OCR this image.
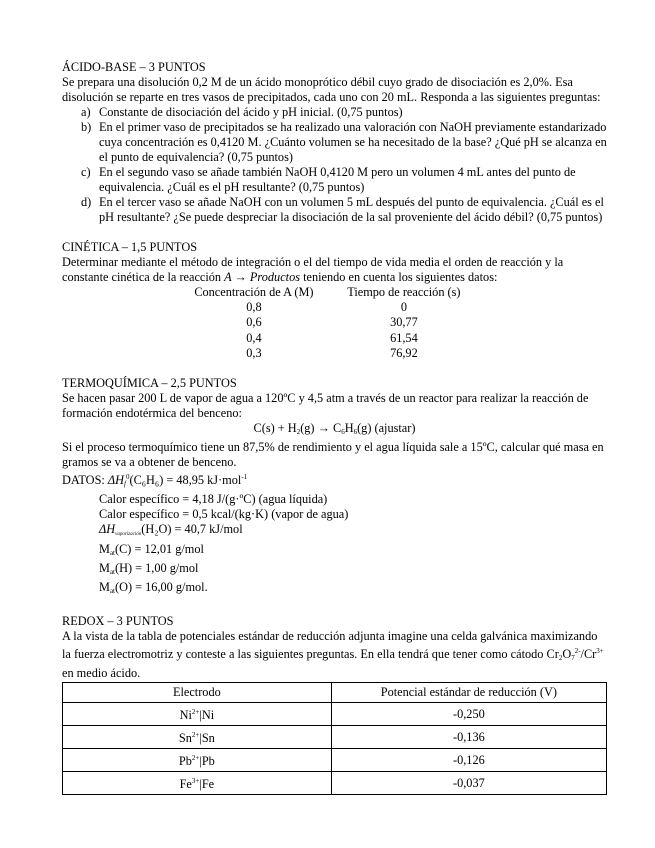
ÁCIDO-BASE – 3 PUNTOS

Se prepara una disolución 0,2 M de un ácido monoprótico débil cuyo grado de disociación es 2,0%. Esa disolución se reparte en tres vasos de precipitados, cada uno con 20 mL. Responda a las siguientes preguntas:

a) Constante de disociación del ácido y pH inicial. (0,75 puntos)
b) En el primer vaso de precipitados se ha realizado una valoración con NaOH previamente estandarizado cuya concentración es 0,4120 M. ¿Cuánto volumen se ha necesitado de la base? ¿Qué pH se alcanza en el punto de equivalencia? (0,75 puntos)
c) En el segundo vaso se añade también NaOH 0,4120 M pero un volumen 4 mL antes del punto de equivalencia. ¿Cuál es el pH resultante? (0,75 puntos)
d) En el tercer vaso se añade NaOH con un volumen 5 mL después del punto de equivalencia. ¿Cuál es el pH resultante? ¿Se puede despreciar la disociación de la sal proveniente del ácido débil? (0,75 puntos)

CINÉTICA – 1,5 PUNTOS

Determinar mediante el método de integración o el del tiempo de vida media el orden de reacción y la constante cinética de la reacción A → Productos teniendo en cuenta los siguientes datos:

Concentración de A (M)	Tiempo de reacción (s)
0,8	0
0,6	30,77
0,4	61,54
0,3	76,92

TERMOQUÍMICA – 2,5 PUNTOS

Se hacen pasar 200 L de vapor de agua a 120ºC y 4,5 atm a través de un reactor para realizar la reacción de formación endotérmica del benceno:

$C(s) + H_2(g) \to C_6H_6(g)$ (ajustar)

Si el proceso termoquímico tiene un 87,5% de rendimiento y el agua líquida sale a 15ºC, calcular qué masa en gramos se va a obtener de benceno.

DATOS: $\Delta H_f^0(C_6H_6) = 48,95$ kJ·mol$^{-1}$

Calor específico = 4,18 J/(g·ºC) (agua líquida)

Calor específico = 0,5 kcal/(kg·K) (vapor de agua)

$\Delta H_{vaporización}(H_2O) = 40,7$ kJ/mol

$M_{at}(C) = 12,01$ g/mol

$M_{at}(H) = 1,00$ g/mol

$M_{at}(O) = 16,00$ g/mol.

REDOX – 3 PUNTOS

A la vista de la tabla de potenciales estándar de reducción adjunta imagine una celda galvánica maximizando la fuerza electromotriz y conteste a las siguientes preguntas. En ella tendrá que tener como cátodo $Cr_2O_7^{2-}/Cr^{3+}$ en medio ácido.

Electrodo	Potencial estándar de reducción (V)
$Ni^{2+}|Ni$	-0,250
$Sn^{2+}|Sn$	-0,136
$Pb^{2+}|Pb$	-0,126
$Fe^{3+}|Fe$	-0,037
